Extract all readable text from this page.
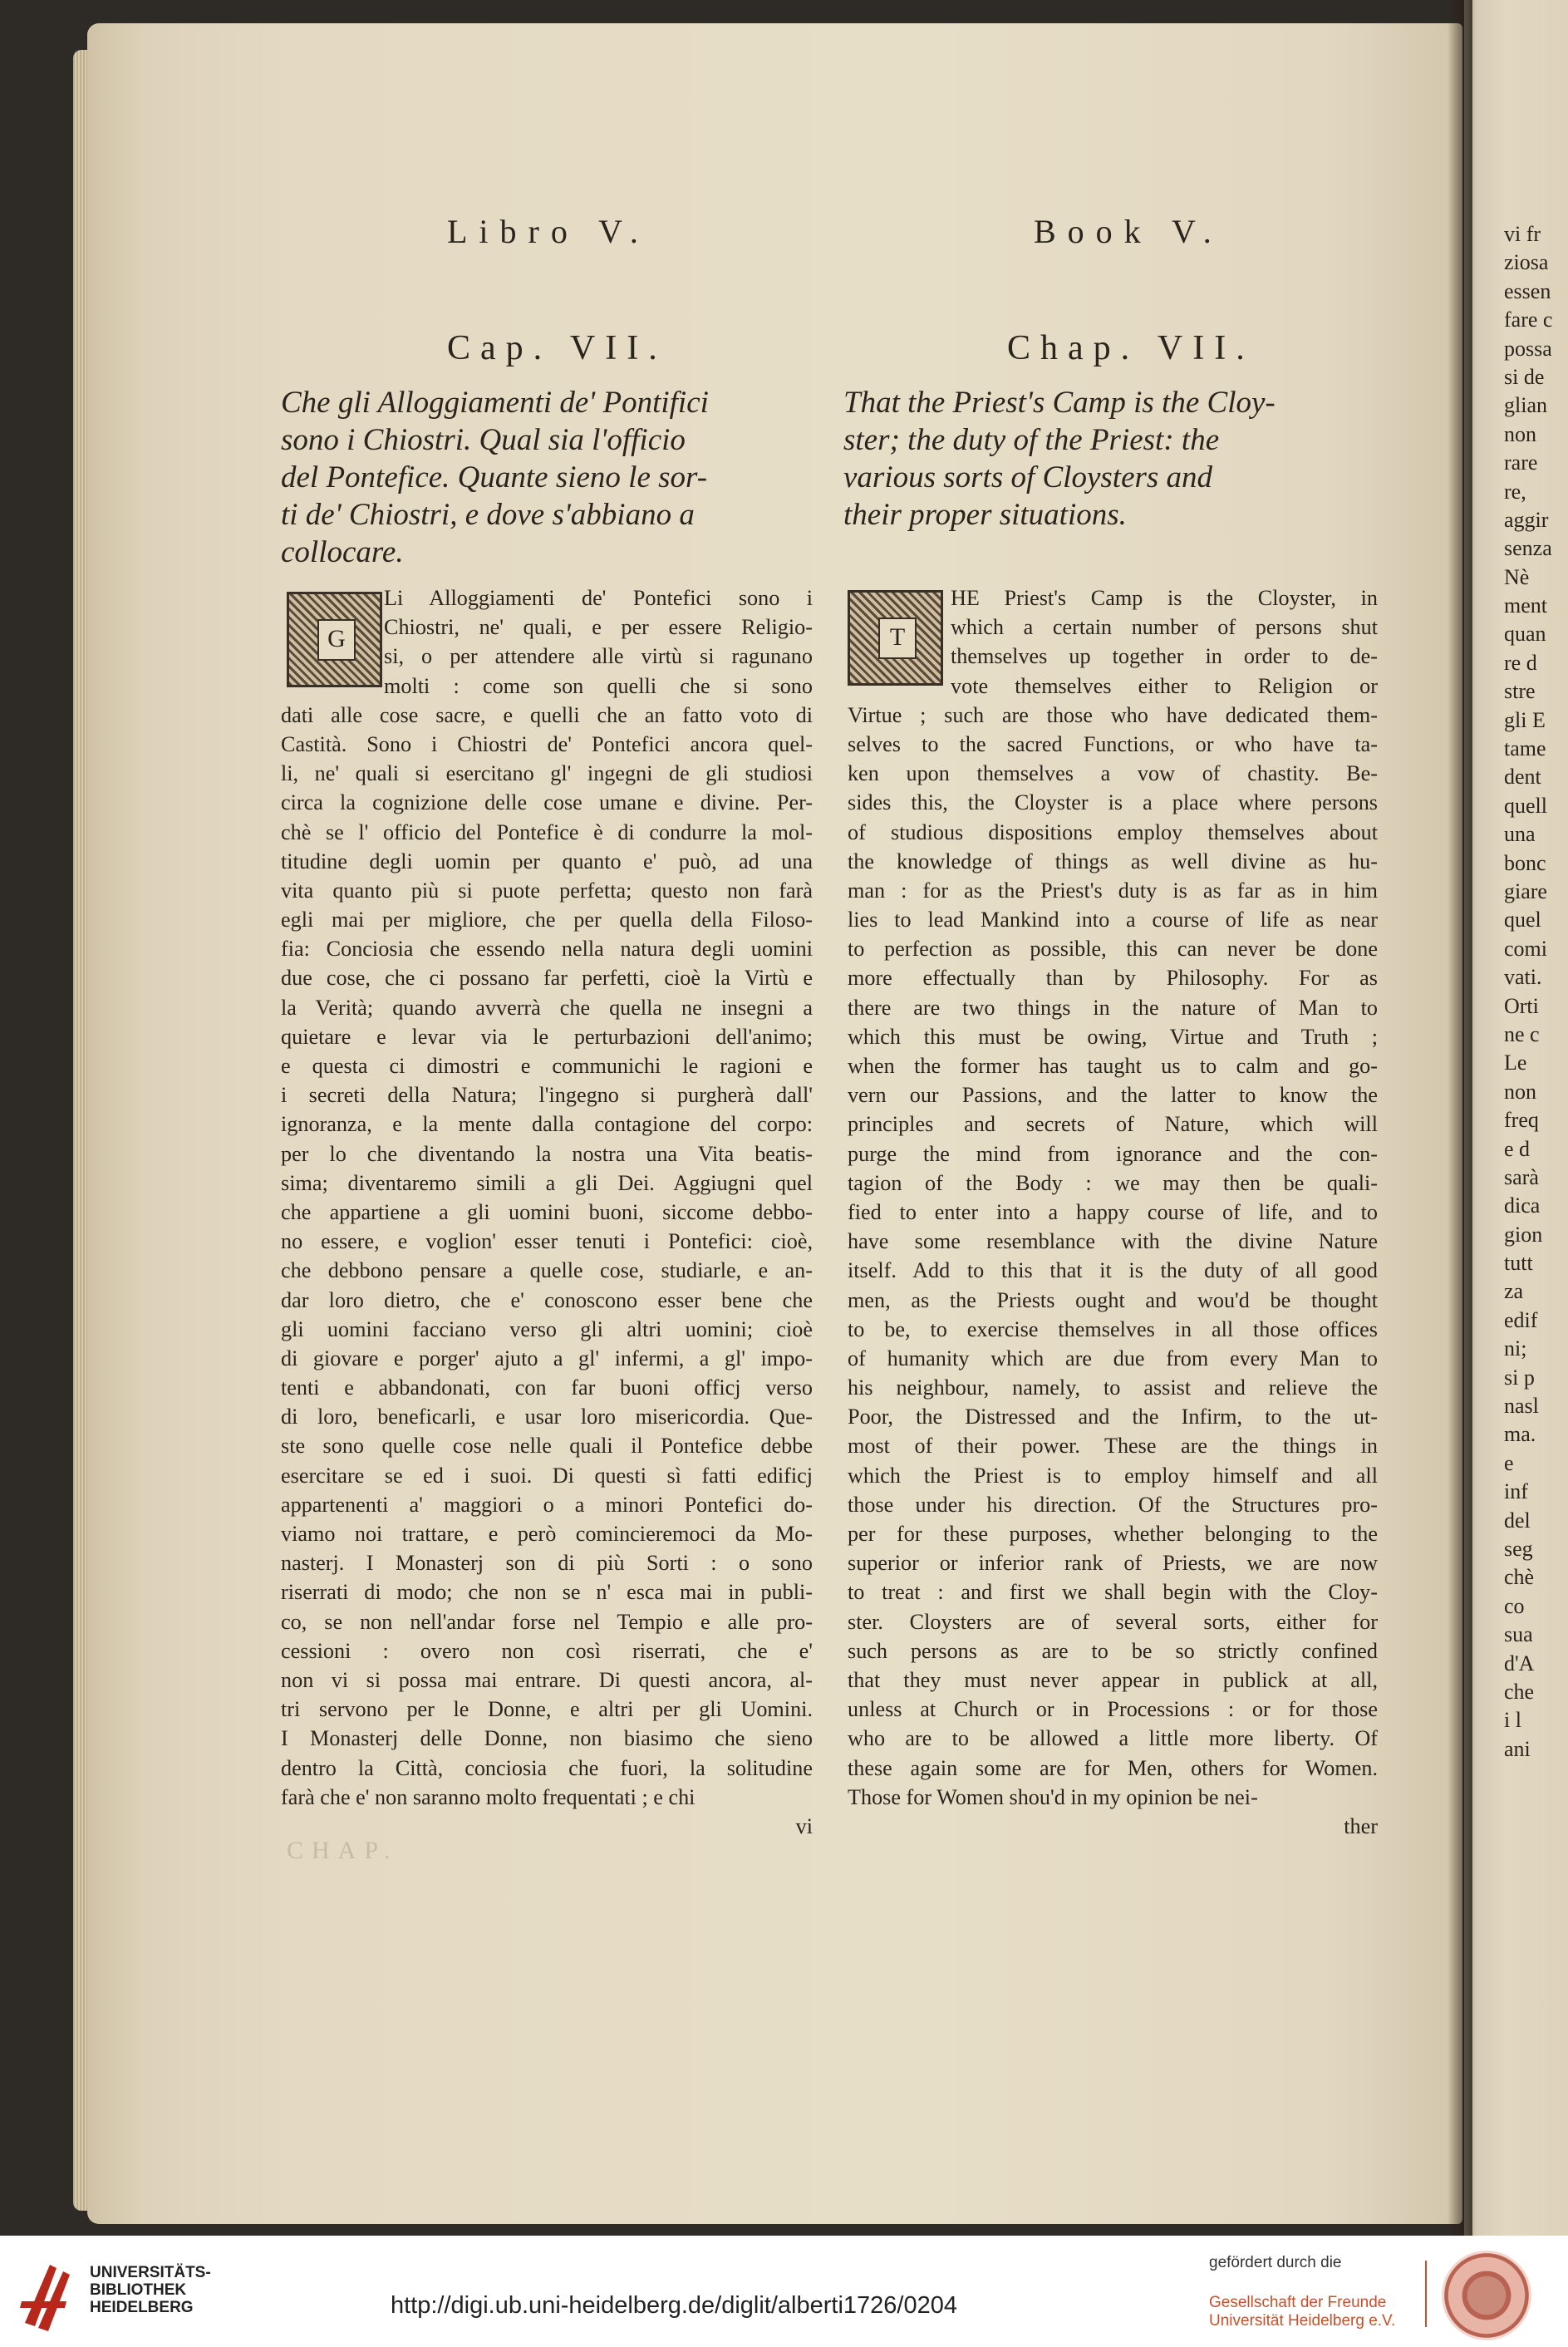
Libro V.	Book V.
Cap. VII.	Chap. VII.
Che gli Alloggiamenti de' Pontifici
sono i Chiostri. Qual sia l'officio
del Pontefice. Quante sieno le sor-
ti de' Chiostri, e dove s'abbiano a
collocare.
That the Priest's Camp is the Cloy-
ster; the duty of the Priest: the
various sorts of Cloysters and
their proper situations.
G	T
Li Alloggiamenti de' Pontefici sono i
Chiostri, ne' quali, e per essere Religio-
si, o per attendere alle virtù si ragunano
molti : come son quelli che si sono
dati alle cose sacre, e quelli che an fatto voto di
Castità. Sono i Chiostri de' Pontefici ancora quel-
li, ne' quali si esercitano gl' ingegni de gli studiosi
circa la cognizione delle cose umane e divine. Per-
chè se l' officio del Pontefice è di condurre la mol-
titudine degli uomin per quanto e' può, ad una
vita quanto più si puote perfetta; questo non farà
egli mai per migliore, che per quella della Filoso-
fia: Conciosia che essendo nella natura degli uomini
due cose, che ci possano far perfetti, cioè la Virtù e
la Verità; quando avverrà che quella ne insegni a
quietare e levar via le perturbazioni dell'animo;
e questa ci dimostri e communichi le ragioni e
i secreti della Natura; l'ingegno si purgherà dall'
ignoranza, e la mente dalla contagione del corpo:
per lo che diventando la nostra una Vita beatis-
sima; diventaremo simili a gli Dei. Aggiugni quel
che appartiene a gli uomini buoni, siccome debbo-
no essere, e voglion' esser tenuti i Pontefici: cioè,
che debbono pensare a quelle cose, studiarle, e an-
dar loro dietro, che e' conoscono esser bene che
gli uomini facciano verso gli altri uomini; cioè
di giovare e porger' ajuto a gl' infermi, a gl' impo-
tenti e abbandonati, con far buoni officj verso
di loro, beneficarli, e usar loro misericordia. Que-
ste sono quelle cose nelle quali il Pontefice debbe
esercitare se ed i suoi. Di questi sì fatti edificj
appartenenti a' maggiori o a minori Pontefici do-
viamo noi trattare, e però comincieremoci da Mo-
nasterj. I Monasterj son di più Sorti : o sono
riserrati di modo; che non se n' esca mai in publi-
co, se non nell'andar forse nel Tempio e alle pro-
cessioni : overo non così riserrati, che e'
non vi si possa mai entrare. Di questi ancora, al-
tri servono per le Donne, e altri per gli Uomini.
I Monasterj delle Donne, non biasimo che sieno
dentro la Città, conciosia che fuori, la solitudine
farà che e' non saranno molto frequentati ; e chi
vi
HE Priest's Camp is the Cloyster, in
which a certain number of persons shut
themselves up together in order to de-
vote themselves either to Religion or
Virtue ; such are those who have dedicated them-
selves to the sacred Functions, or who have ta-
ken upon themselves a vow of chastity. Be-
sides this, the Cloyster is a place where persons
of studious dispositions employ themselves about
the knowledge of things as well divine as hu-
man : for as the Priest's duty is as far as in him
lies to lead Mankind into a course of life as near
to perfection as possible, this can never be done
more effectually than by Philosophy. For as
there are two things in the nature of Man to
which this must be owing, Virtue and Truth ;
when the former has taught us to calm and go-
vern our Passions, and the latter to know the
principles and secrets of Nature, which will
purge the mind from ignorance and the con-
tagion of the Body : we may then be quali-
fied to enter into a happy course of life, and to
have some resemblance with the divine Nature
itself. Add to this that it is the duty of all good
men, as the Priests ought and wou'd be thought
to be, to exercise themselves in all those offices
of humanity which are due from every Man to
his neighbour, namely, to assist and relieve the
Poor, the Distressed and the Infirm, to the ut-
most of their power. These are the things in
which the Priest is to employ himself and all
those under his direction. Of the Structures pro-
per for these purposes, whether belonging to the
superior or inferior rank of Priests, we are now
to treat : and first we shall begin with the Cloy-
ster. Cloysters are of several sorts, either for
such persons as are to be so strictly confined
that they must never appear in publick at all,
unless at Church or in Processions : or for those
who are to be allowed a little more liberty. Of
these again some are for Men, others for Women.
Those for Women shou'd in my opinion be nei-
ther
CHAP.
vi fr
ziosa
essen
fare c
possa
si de
glian
non
rare
re,
aggir
senza
Nè
ment
quan
re d
stre
gli E
tame
dent
quell
una
bonc
giare
quel
comi
vati.
Orti
ne c
Le
non
freq
e d
sarà
dica
gion
tutt
za
edif
ni;
si p
nasl
ma.
e
inf
del
seg
chè
co
sua
d'A
che
i l
ani
UNIVERSITÄTS-
BIBLIOTHEK
HEIDELBERG	http://digi.ub.uni-heidelberg.de/diglit/alberti1726/0204
gefördert durch die
Gesellschaft der Freunde
Universität Heidelberg e.V.
